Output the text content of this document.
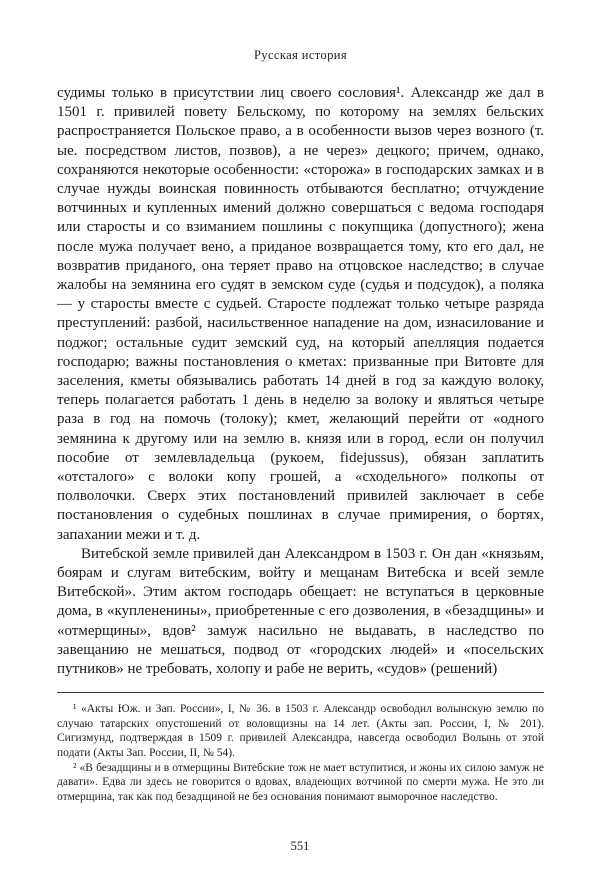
Русская история

судимы только в присутствии лиц своего сословия¹. Александр же дал в 1501 г. привилей повету Бельскому, по которому на землях бельских распространяется Польское право, а в особенности вызов через возного (т. ые. посредством листов, позвов), а не через» децкого; причем, однако, сохраняются некоторые особенности: «сторожа» в господарских замках и в случае нужды воинская повинность отбываются бесплатно; отчуждение вотчинных и купленных имений должно совершаться с ведома господаря или старосты и со взиманием пошлины с покупщика (допустного); жена после мужа получает вено, а приданое возвращается тому, кто его дал, не возвратив приданого, она теряет право на отцовское наследство; в случае жалобы на земянина его судят в земском суде (судья и подсудок), а поляка — у старосты вместе с судьей. Старосте подлежат только четыре разряда преступлений: разбой, насильственное нападение на дом, изнасилование и поджог; остальные судит земский суд, на который апелляция подается господарю; важны постановления о кметах: призванные при Витовте для заселения, кметы обязывались работать 14 дней в год за каждую волоку, теперь полагается работать 1 день в неделю за волоку и являться четыре раза в год на помочь (толоку); кмет, желающий перейти от «одного земянина к другому или на землю в. князя или в город, если он получил пособие от землевладельца (рукоем, fidejussus), обязан заплатить «отсталого» с волоки копу грошей, а «сходельного» полкопы от полволочки. Сверх этих постановлений привилей заключает в себе постановления о судебных пошлинах в случае примирения, о бортях, запахании межи и т. д.

Витебской земле привилей дан Александром в 1503 г. Он дан «князьям, боярам и слугам витебским, войту и мещанам Витебска и всей земле Витебской». Этим актом господарь обещает: не вступаться в церковные дома, в «куплененины», приобретенные с его дозволения, в «безадщины» и «отмерщины», вдов² замуж насильно не выдавать, в наследство по завещанию не мешаться, подвод от «городских людей» и «посельских путников» не требовать, холопу и рабе не верить, «судов» (решений)

¹ «Акты Юж. и Зап. России», I, № 36. в 1503 г. Александр освободил волынскую землю по случаю татарских опустошений от воловщизны на 14 лет. (Акты зап. России, I, № 201). Сигизмунд, подтверждая в 1509 г. привилей Александра, навсегда освободил Волынь от этой подати (Акты Зап. России, II, № 54).

² «В безадщины и в отмерщины Витебские тож не мает вступитися, и жоны их силою замуж не давати». Едва ли здесь не говорится о вдовах, владеющих вотчиной по смерти мужа. Не это ли отмерщина, так как под безадщиной не без основания понимают выморочное наследство.

551
